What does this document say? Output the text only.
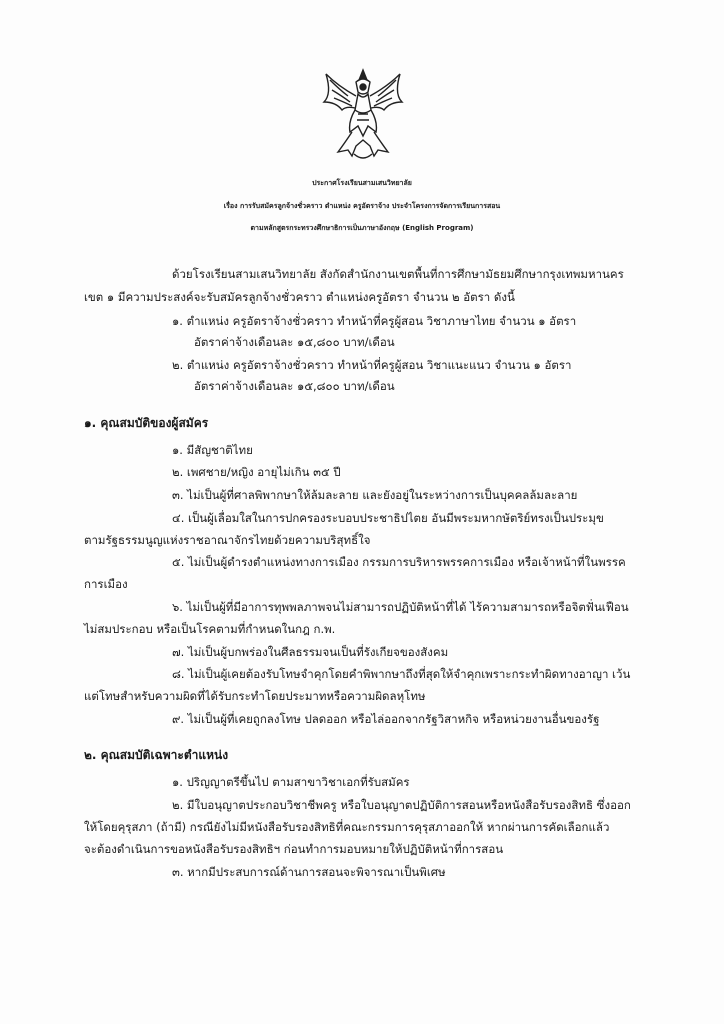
ประกาศโรงเรียนสามเสนวิทยาลัย
เรื่อง การรับสมัครลูกจ้างชั่วคราว ตำแหน่ง ครูอัตราจ้าง ประจำโครงการจัดการเรียนการสอน
ตามหลักสูตรกระทรวงศึกษาธิการเป็นภาษาอังกฤษ (English Program)
ด้วยโรงเรียนสามเสนวิทยาลัย สังกัดสำนักงานเขตพื้นที่การศึกษามัธยมศึกษากรุงเทพมหานคร
เขต ๑ มีความประสงค์จะรับสมัครลูกจ้างชั่วคราว ตำแหน่งครูอัตรา จำนวน ๒ อัตรา ดังนี้
๑. ตำแหน่ง ครูอัตราจ้างชั่วคราว ทำหน้าที่ครูผู้สอน วิชาภาษาไทย จำนวน ๑ อัตรา
อัตราค่าจ้างเดือนละ ๑๕,๘๐๐ บาท/เดือน
๒. ตำแหน่ง ครูอัตราจ้างชั่วคราว ทำหน้าที่ครูผู้สอน วิชาแนะแนว จำนวน ๑ อัตรา
อัตราค่าจ้างเดือนละ ๑๕,๘๐๐ บาท/เดือน
๑. คุณสมบัติของผู้สมัคร
๑. มีสัญชาติไทย
๒. เพศชาย/หญิง อายุไม่เกิน ๓๕ ปี
๓. ไม่เป็นผู้ที่ศาลพิพากษาให้ล้มละลาย และยังอยู่ในระหว่างการเป็นบุคคลล้มละลาย
๔. เป็นผู้เลื่อมใสในการปกครองระบอบประชาธิปไตย อันมีพระมหากษัตริย์ทรงเป็นประมุข
ตามรัฐธรรมนูญแห่งราชอาณาจักรไทยด้วยความบริสุทธิ์ใจ
๕. ไม่เป็นผู้ดำรงตำแหน่งทางการเมือง กรรมการบริหารพรรคการเมือง หรือเจ้าหน้าที่ในพรรค
การเมือง
๖. ไม่เป็นผู้ที่มีอาการทุพพลภาพจนไม่สามารถปฏิบัติหน้าที่ได้ ไร้ความสามารถหรือจิตฟั่นเฟือน
ไม่สมประกอบ หรือเป็นโรคตามที่กำหนดในกฎ ก.พ.
๗. ไม่เป็นผู้บกพร่องในศีลธรรมจนเป็นที่รังเกียจของสังคม
๘. ไม่เป็นผู้เคยต้องรับโทษจำคุกโดยคำพิพากษาถึงที่สุดให้จำคุกเพราะกระทำผิดทางอาญา เว้น
แต่โทษสำหรับความผิดที่ได้รับกระทำโดยประมาทหรือความผิดลหุโทษ
๙. ไม่เป็นผู้ที่เคยถูกลงโทษ ปลดออก หรือไล่ออกจากรัฐวิสาหกิจ หรือหน่วยงานอื่นของรัฐ
๒. คุณสมบัติเฉพาะตำแหน่ง
๑. ปริญญาตรีขึ้นไป ตามสาขาวิชาเอกที่รับสมัคร
๒. มีใบอนุญาตประกอบวิชาชีพครู หรือใบอนุญาตปฏิบัติการสอนหรือหนังสือรับรองสิทธิ ซึ่งออก
ให้โดยคุรุสภา (ถ้ามี) กรณียังไม่มีหนังสือรับรองสิทธิที่คณะกรรมการคุรุสภาออกให้ หากผ่านการคัดเลือกแล้ว
จะต้องดำเนินการขอหนังสือรับรองสิทธิฯ ก่อนทำการมอบหมายให้ปฏิบัติหน้าที่การสอน
๓. หากมีประสบการณ์ด้านการสอนจะพิจารณาเป็นพิเศษ
